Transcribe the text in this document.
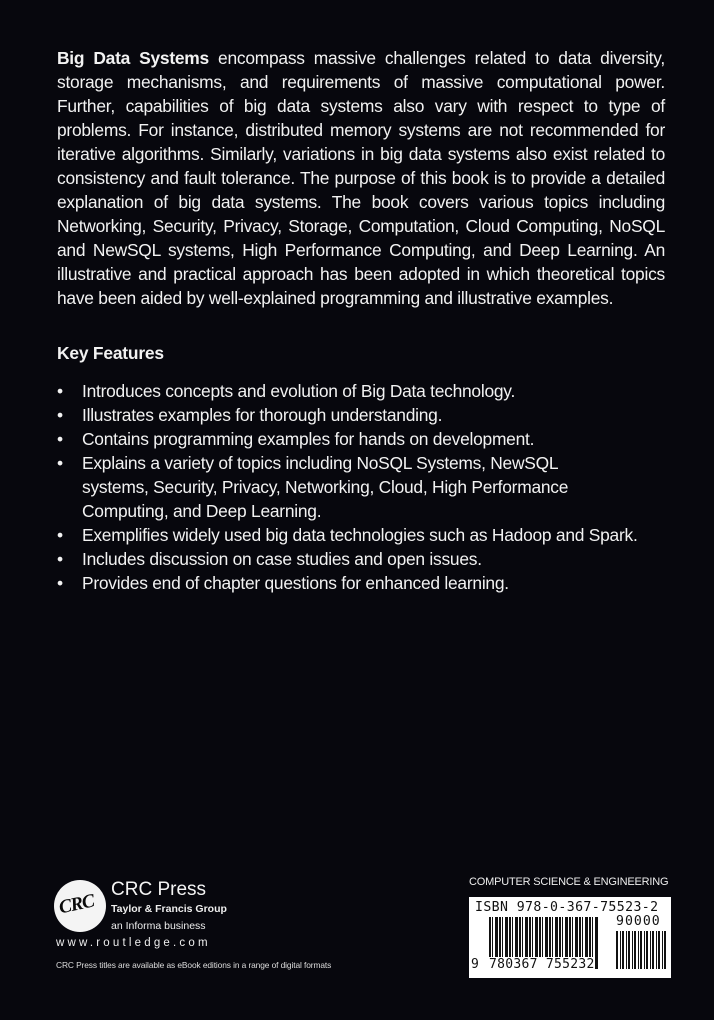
Big Data Systems encompass massive challenges related to data diversity, storage mechanisms, and requirements of massive computational power. Further, capabilities of big data systems also vary with respect to type of problems. For instance, distributed memory systems are not recommended for iterative algorithms. Similarly, variations in big data systems also exist related to consistency and fault tolerance. The purpose of this book is to provide a detailed explanation of big data systems. The book covers various topics including Networking, Security, Privacy, Storage, Computation, Cloud Computing, NoSQL and NewSQL systems, High Performance Computing, and Deep Learning. An illustrative and practical approach has been adopted in which theoretical topics have been aided by well-explained programming and illustrative examples.
Key Features
• Introduces concepts and evolution of Big Data technology.
• Illustrates examples for thorough understanding.
• Contains programming examples for hands on development.
• Explains a variety of topics including NoSQL Systems, NewSQL systems, Security, Privacy, Networking, Cloud, High Performance Computing, and Deep Learning.
• Exemplifies widely used big data technologies such as Hadoop and Spark.
• Includes discussion on case studies and open issues.
• Provides end of chapter questions for enhanced learning.
CRC
CRC Press
Taylor & Francis Group
an Informa business
www.routledge.com
CRC Press titles are available as eBook editions in a range of digital formats
COMPUTER SCIENCE & ENGINEERING
ISBN 978-0-367-75523-2
90000
9 780367 755232
